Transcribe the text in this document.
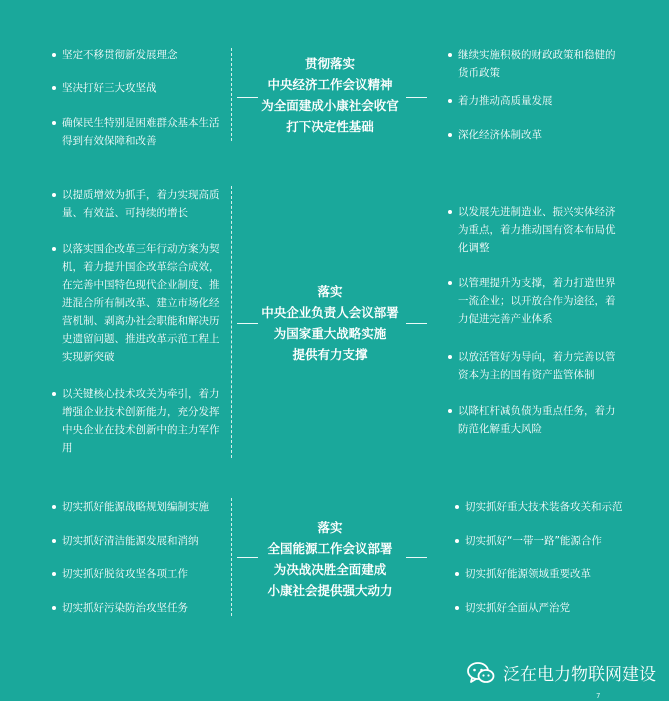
贯彻落实
中央经济工作会议精神
为全面建成小康社会收官
打下决定性基础
坚定不移贯彻新发展理念
坚决打好三大攻坚战
确保民生特别是困难群众基本生活得到有效保障和改善
继续实施积极的财政政策和稳健的货币政策
着力推动高质量发展
深化经济体制改革
落实
中央企业负责人会议部署
为国家重大战略实施
提供有力支撑
以提质增效为抓手，着力实现高质量、有效益、可持续的增长
以落实国企改革三年行动方案为契机，着力提升国企改革综合成效，在完善中国特色现代企业制度、推进混合所有制改革、建立市场化经营机制、剥离办社会职能和解决历史遗留问题、推进改革示范工程上实现新突破
以关键核心技术攻关为牵引，着力增强企业技术创新能力，充分发挥中央企业在技术创新中的主力军作用
以发展先进制造业、振兴实体经济为重点，着力推动国有资本布局优化调整
以管理提升为支撑，着力打造世界一流企业；以开放合作为途径，着力促进完善产业体系
以放活管好为导向，着力完善以管资本为主的国有资产监管体制
以降杠杆减负债为重点任务，着力防范化解重大风险
落实
全国能源工作会议部署
为决战决胜全面建成
小康社会提供强大动力
切实抓好能源战略规划编制实施
切实抓好清洁能源发展和消纳
切实抓好脱贫攻坚各项工作
切实抓好污染防治攻坚任务
切实抓好重大技术装备攻关和示范
切实抓好“一带一路”能源合作
切实抓好能源领域重要改革
切实抓好全面从严治党
泛在电力物联网建设
7
